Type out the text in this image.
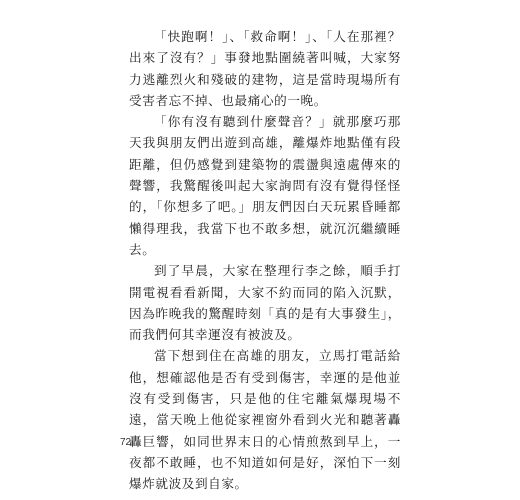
「快跑啊！」、「救命啊！」、「人在那裡？出來了沒有？」事發地點圍繞著叫喊，大家努力逃離烈火和殘破的建物，這是當時現場所有受害者忘不掉、也最痛心的一晚。

「你有沒有聽到什麼聲音？」就那麼巧那天我與朋友們出遊到高雄，離爆炸地點僅有段距離，但仍感覺到建築物的震盪與遠處傳來的聲響，我驚醒後叫起大家詢問有沒有覺得怪怪的，「你想多了吧。」朋友們因白天玩累昏睡都懶得理我，我當下也不敢多想，就沉沉繼續睡去。

到了早晨，大家在整理行李之餘，順手打開電視看看新聞，大家不約而同的陷入沉默，因為昨晚我的驚醒時刻「真的是有大事發生」，而我們何其幸運沒有被波及。

當下想到住在高雄的朋友，立馬打電話給他，想確認他是否有受到傷害，幸運的是他並沒有受到傷害，只是他的住宅離氣爆現場不遠，當天晚上他從家裡窗外看到火光和聽著轟轟巨響，如同世界末日的心情煎熬到早上，一夜都不敢睡，也不知道如何是好，深怕下一刻爆炸就波及到自家。

72
